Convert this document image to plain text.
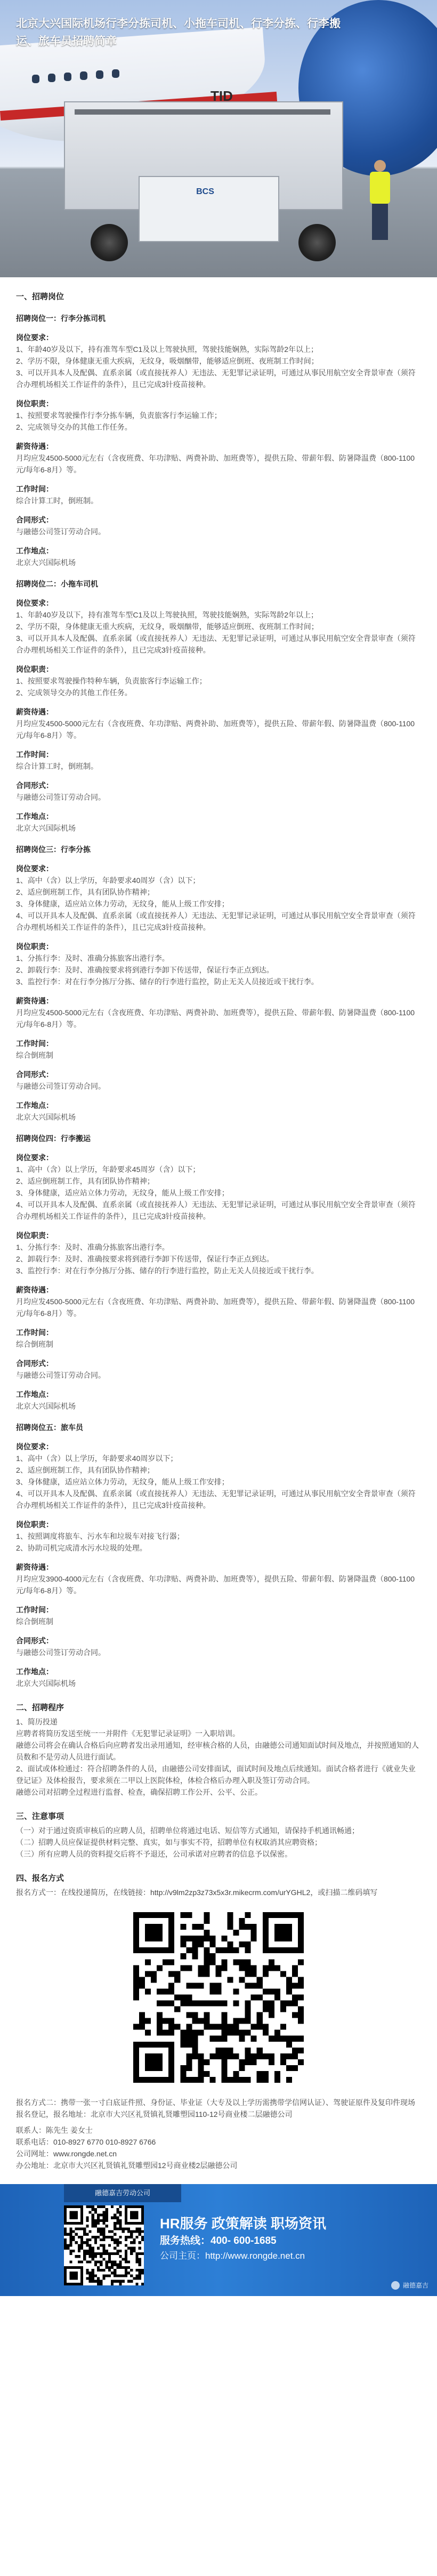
TID
BCS
北京大兴国际机场行李分拣司机、小拖车司机、行李分拣、行李搬运、旅车员招聘简章
一、招聘岗位
招聘岗位一：行李分拣司机
岗位要求：
1、年龄40岁及以下，持有准驾车型C1及以上驾驶执照，驾驶技能娴熟，实际驾龄2年以上；
2、学历不限，身体健康无重大疾病，无纹身，吸烟酗带，能够适应倒班、夜班制工作时间；
3、可以开具本人及配偶、直系亲属（或直接抚养人）无违法、无犯罪记录证明，可通过从事民用航空安全背景审查（须符合办理机场相关工作证件的条件），且已完成3针疫苗接种。
岗位职责：
1、按照要求驾驶操作行李分拣车辆，负责旅客行李运输工作；
2、完成领导交办的其他工作任务。
薪资待遇：
月均应发4500-5000元左右（含夜班费、年功津贴、两费补助、加班费等），提供五险、带薪年假、防暑降温费（800-1100元/每年6-8月）等。
工作时间：
综合计算工时，倒班制。
合同形式：
与融德公司签订劳动合同。
工作地点：
北京大兴国际机场
招聘岗位二：小拖车司机
岗位要求：
1、年龄40岁及以下，持有准驾车型C1及以上驾驶执照，驾驶技能娴熟，实际驾龄2年以上；
2、学历不限，身体健康无重大疾病，无纹身，吸烟酗带，能够适应倒班、夜班制工作时间；
3、可以开具本人及配偶、直系亲属（或直接抚养人）无违法、无犯罪记录证明，可通过从事民用航空安全背景审查（须符合办理机场相关工作证件的条件），且已完成3针疫苗接种。
岗位职责：
1、按照要求驾驶操作特种车辆，负责旅客行李运输工作；
2、完成领导交办的其他工作任务。
薪资待遇：
月均应发4500-5000元左右（含夜班费、年功津贴、两费补助、加班费等），提供五险、带薪年假、防暑降温费（800-1100元/每年6-8月）等。
工作时间：
综合计算工时，倒班制。
合同形式：
与融德公司签订劳动合同。
工作地点：
北京大兴国际机场
招聘岗位三：行李分拣
岗位要求：
1、高中（含）以上学历，年龄要求40周岁（含）以下；
2、适应倒班制工作，具有团队协作精神；
3、身体健康，适应站立体力劳动，无纹身，能从上级工作安排；
4、可以开具本人及配偶、直系亲属（或直接抚养人）无违法、无犯罪记录证明，可通过从事民用航空安全背景审查（须符合办理机场相关工作证件的条件），且已完成3针疫苗接种。
岗位职责：
1、分拣行李：及时、准确分拣旅客出港行李。
2、卸载行李：及时、准确按要求将到港行李卸下传送带，保证行李正点到达。
3、监控行李：对在行李分拣厅分拣、储存的行李进行监控，防止无关人员接近或干扰行李。
薪资待遇：
月均应发4500-5000元左右（含夜班费、年功津贴、两费补助、加班费等），提供五险、带薪年假、防暑降温费（800-1100元/每年6-8月）等。
工作时间：
综合倒班制
合同形式：
与融德公司签订劳动合同。
工作地点：
北京大兴国际机场
招聘岗位四：行李搬运
岗位要求：
1、高中（含）以上学历，年龄要求45周岁（含）以下；
2、适应倒班制工作，具有团队协作精神；
3、身体健康，适应站立体力劳动，无纹身，能从上级工作安排；
4、可以开具本人及配偶、直系亲属（或直接抚养人）无违法、无犯罪记录证明，可通过从事民用航空安全背景审查（须符合办理机场相关工作证件的条件），且已完成3针疫苗接种。
岗位职责：
1、分拣行李：及时、准确分拣旅客出港行李。
2、卸载行李：及时、准确按要求将到港行李卸下传送带，保证行李正点到达。
3、监控行李：对在行李分拣厅分拣、储存的行李进行监控，防止无关人员接近或干扰行李。
薪资待遇：
月均应发4500-5000元左右（含夜班费、年功津贴、两费补助、加班费等），提供五险、带薪年假、防暑降温费（800-1100元/每年6-8月）等。
工作时间：
综合倒班制
合同形式：
与融德公司签订劳动合同。
工作地点：
北京大兴国际机场
招聘岗位五：旅车员
岗位要求：
1、高中（含）以上学历，年龄要求40周岁以下；
2、适应倒班制工作，具有团队协作精神；
3、身体健康，适应站立体力劳动，无纹身，能从上级工作安排；
4、可以开具本人及配偶、直系亲属（或直接抚养人）无违法、无犯罪记录证明，可通过从事民用航空安全背景审查（须符合办理机场相关工作证件的条件），且已完成3针疫苗接种。
岗位职责：
1、按照调度将旅车、污水车和垃圾车对接飞行器；
2、协助司机完成清水污水垃圾的处理。
薪资待遇：
月均应发3900-4000元左右（含夜班费、年功津贴、两费补助、加班费等），提供五险、带薪年假、防暑降温费（800-1100元/每年6-8月）等。
工作时间：
综合倒班制
合同形式：
与融德公司签订劳动合同。
工作地点：
北京大兴国际机场
二、招聘程序

1、简历投递

应聘者将简历发送至统一一并附件《无犯罪记录证明》一入职培训。

融德公司将会在确认合格后向应聘者发出录用通知，经审核合格的人员，由融德公司通知面试时间及地点，并按照通知的人员数和不是劳动人员进行面试。

2、面试或体检通过：符合招聘条件的人员，由融德公司安排面试，面试时间及地点后续通知。面试合格者进行《就业失业登记证》及体检报告，要求须在二甲以上医院体检，体检合格后办理入职及签订劳动合同。

融德公司对招聘全过程进行监督、检查，确保招聘工作公开、公平、公正。

三、注意事项

（一）对于通过资质审核后的应聘人员，招聘单位将通过电话、短信等方式通知，请保持手机通讯畅通；

（二）招聘人员应保证提供材料完整、真实，如与事实不符，招聘单位有权取消其应聘资格；

（三）所有应聘人员的资料提交后将不予退还，公司承诺对应聘者的信息予以保密。

四、报名方式

报名方式一：在线投递简历，在线链接：http://v9lm2zp3z73x5x3r.mikecrm.com/urYGHL2，或扫描二维码填写

报名方式二：携带一张一寸白底证件照、身份证、毕业证（大专及以上学历需携带学信网认证）、驾驶证原件及复印件现场报名登记，报名地址：北京市大兴区礼贤镇礼贤雕塑园110-12号商业楼二层融德公司

联系人：陈先生 姜女士

联系电话：010-8927 6770 010-8927 6766

公司网址：www.rongde.net.cn

办公地址：北京市大兴区礼贤镇礼贤雕塑园12号商业楼2层融德公司

融德嘉吉劳动公司
HR服务 政策解读 职场资讯
服务热线：400- 600-1685
公司主页：http://www.rongde.net.cn
融德嘉吉
